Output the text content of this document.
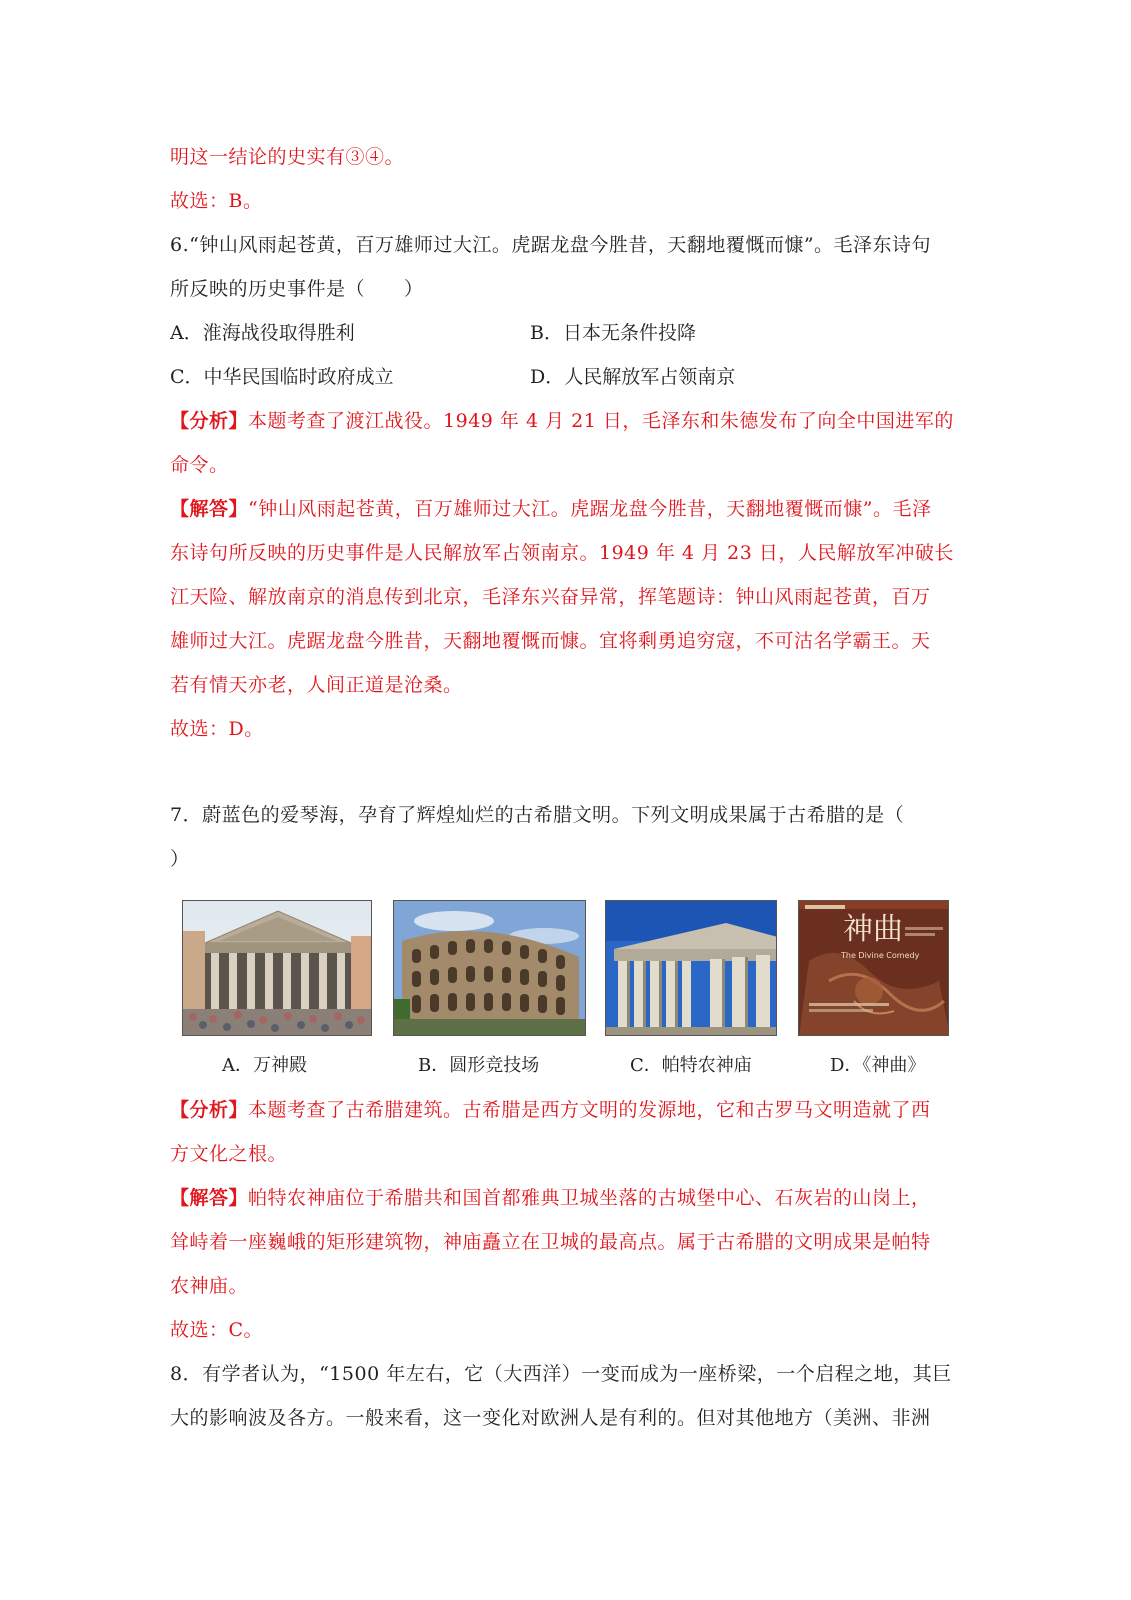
明这一结论的史实有③④。
故选：B。
6.“钟山风雨起苍黄，百万雄师过大江。虎踞龙盘今胜昔，天翻地覆慨而慷”。毛泽东诗句
所反映的历史事件是（　　）
A．淮海战役取得胜利	B．日本无条件投降
C．中华民国临时政府成立	D．人民解放军占领南京
【分析】本题考查了渡江战役。1949 年 4 月 21 日，毛泽东和朱德发布了向全中国进军的
命令。
【解答】“钟山风雨起苍黄，百万雄师过大江。虎踞龙盘今胜昔，天翻地覆慨而慷”。毛泽
东诗句所反映的历史事件是人民解放军占领南京。1949 年 4 月 23 日，人民解放军冲破长
江天险、解放南京的消息传到北京，毛泽东兴奋异常，挥笔题诗：钟山风雨起苍黄，百万
雄师过大江。虎踞龙盘今胜昔，天翻地覆慨而慷。宜将剩勇追穷寇，不可沽名学霸王。天
若有情天亦老，人间正道是沧桑。
故选：D。
7．蔚蓝色的爱琴海，孕育了辉煌灿烂的古希腊文明。下列文明成果属于古希腊的是（
）
神曲
The Divine Comedy
A．万神殿	B．圆形竞技场	C．帕特农神庙	D．《神曲》
【分析】本题考查了古希腊建筑。古希腊是西方文明的发源地，它和古罗马文明造就了西
方文化之根。
【解答】帕特农神庙位于希腊共和国首都雅典卫城坐落的古城堡中心、石灰岩的山岗上，
耸峙着一座巍峨的矩形建筑物，神庙矗立在卫城的最高点。属于古希腊的文明成果是帕特
农神庙。
故选：C。
8．有学者认为，“1500 年左右，它（大西洋）一变而成为一座桥梁，一个启程之地，其巨
大的影响波及各方。一般来看，这一变化对欧洲人是有利的。但对其他地方（美洲、非洲
